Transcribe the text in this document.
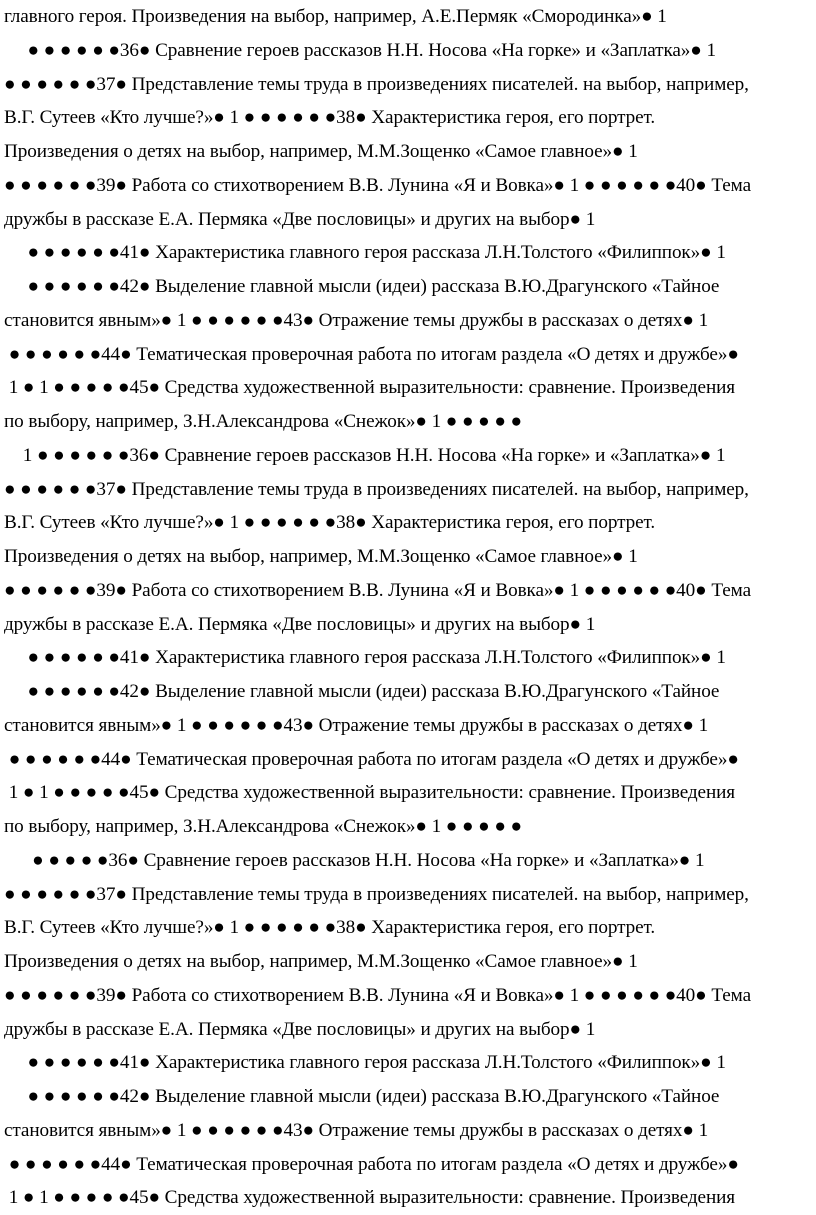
главного героя. Произведения на выбор, например, А.Е.Пермяк «Смородинка»● 1
● ● ● ● ● ●36● Сравнение героев рассказов Н.Н. Носова «На горке» и «Заплатка»● 1
● ● ● ● ● ●37● Представление темы труда в произведениях писателей. на выбор, например,
В.Г. Сутеев «Кто лучше?»● 1 ● ● ● ● ● ●38● Характеристика героя, его портрет.
Произведения о детях на выбор, например, М.М.Зощенко «Самое главное»● 1
● ● ● ● ● ●39● Работа со стихотворением В.В. Лунина «Я и Вовка»● 1 ● ● ● ● ● ●40● Тема
дружбы в рассказе Е.А. Пермяка «Две пословицы» и других на выбор● 1
● ● ● ● ● ●41● Характеристика главного героя рассказа Л.Н.Толстого «Филиппок»● 1
● ● ● ● ● ●42● Выделение главной мысли (идеи) рассказа В.Ю.Драгунского «Тайное
становится явным»● 1 ● ● ● ● ● ●43● Отражение темы дружбы в рассказах о детях● 1
● ● ● ● ● ●44● Тематическая проверочная работа по итогам раздела «О детях и дружбе»●
1 ● 1 ● ● ● ● ●45● Средства художественной выразительности: сравнение. Произведения
по выбору, например, З.Н.Александрова «Снежок»● 1 ● ● ● ● ●
1 ● ● ● ● ● ●36● Сравнение героев рассказов Н.Н. Носова «На горке» и «Заплатка»● 1
● ● ● ● ● ●37● Представление темы труда в произведениях писателей. на выбор, например,
В.Г. Сутеев «Кто лучше?»● 1 ● ● ● ● ● ●38● Характеристика героя, его портрет.
Произведения о детях на выбор, например, М.М.Зощенко «Самое главное»● 1
● ● ● ● ● ●39● Работа со стихотворением В.В. Лунина «Я и Вовка»● 1 ● ● ● ● ● ●40● Тема
дружбы в рассказе Е.А. Пермяка «Две пословицы» и других на выбор● 1
● ● ● ● ● ●41● Характеристика главного героя рассказа Л.Н.Толстого «Филиппок»● 1
● ● ● ● ● ●42● Выделение главной мысли (идеи) рассказа В.Ю.Драгунского «Тайное
становится явным»● 1 ● ● ● ● ● ●43● Отражение темы дружбы в рассказах о детях● 1
● ● ● ● ● ●44● Тематическая проверочная работа по итогам раздела «О детях и дружбе»●
1 ● 1 ● ● ● ● ●45● Средства художественной выразительности: сравнение. Произведения
по выбору, например, З.Н.Александрова «Снежок»● 1 ● ● ● ● ●
● ● ● ● ●36● Сравнение героев рассказов Н.Н. Носова «На горке» и «Заплатка»● 1
● ● ● ● ● ●37● Представление темы труда в произведениях писателей. на выбор, например,
В.Г. Сутеев «Кто лучше?»● 1 ● ● ● ● ● ●38● Характеристика героя, его портрет.
Произведения о детях на выбор, например, М.М.Зощенко «Самое главное»● 1
● ● ● ● ● ●39● Работа со стихотворением В.В. Лунина «Я и Вовка»● 1 ● ● ● ● ● ●40● Тема
дружбы в рассказе Е.А. Пермяка «Две пословицы» и других на выбор● 1
● ● ● ● ● ●41● Характеристика главного героя рассказа Л.Н.Толстого «Филиппок»● 1
● ● ● ● ● ●42● Выделение главной мысли (идеи) рассказа В.Ю.Драгунского «Тайное
становится явным»● 1 ● ● ● ● ● ●43● Отражение темы дружбы в рассказах о детях● 1
● ● ● ● ● ●44● Тематическая проверочная работа по итогам раздела «О детях и дружбе»●
1 ● 1 ● ● ● ● ●45● Средства художественной выразительности: сравнение. Произведения
